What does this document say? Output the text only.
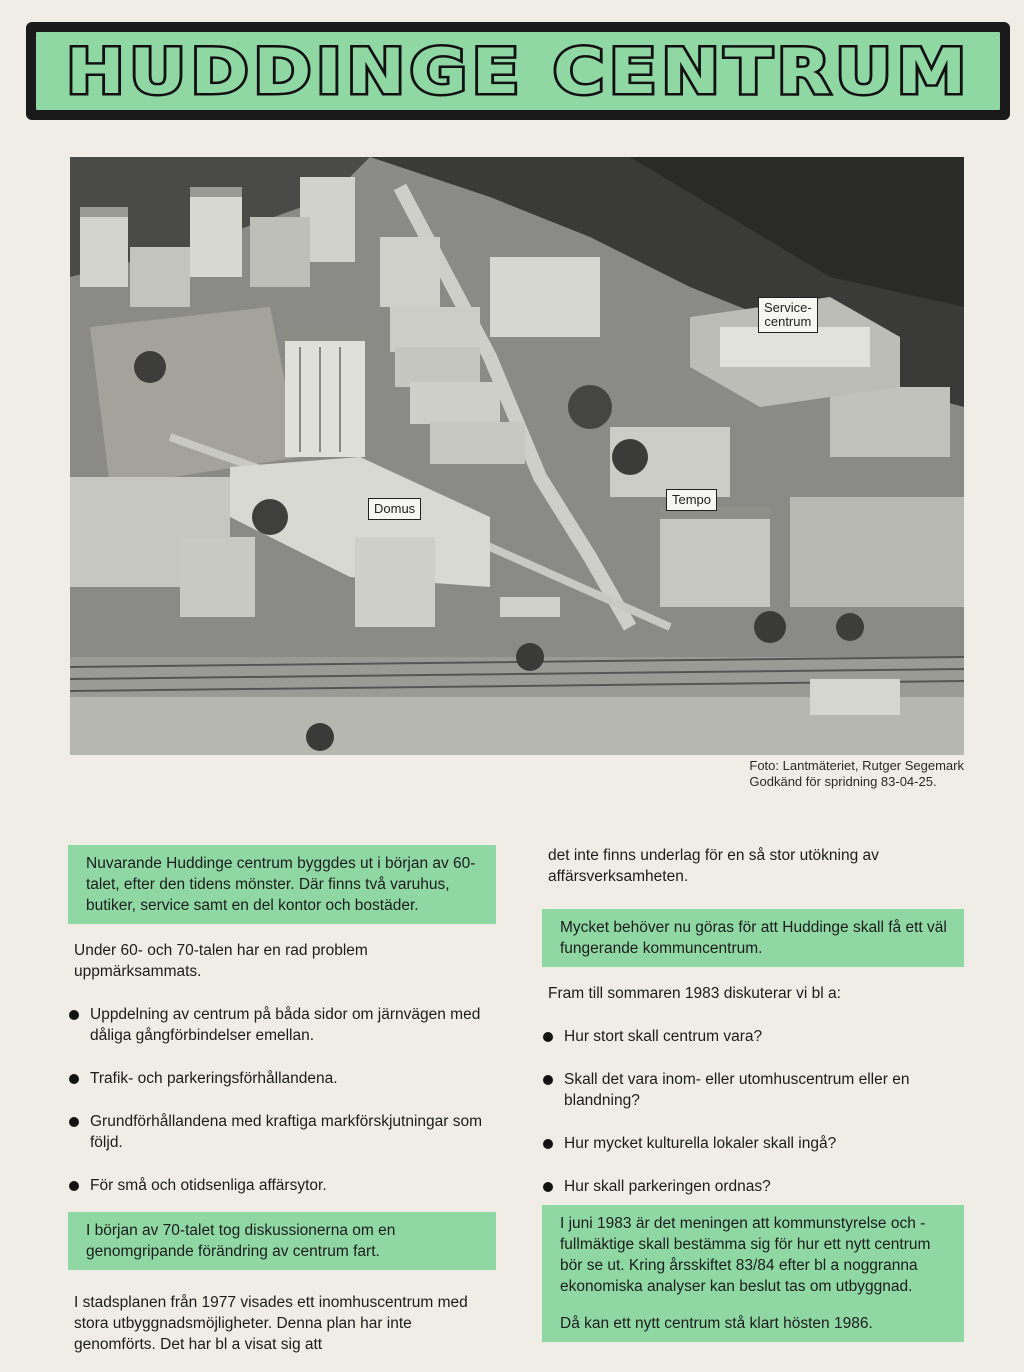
HUDDINGE CENTRUM
Service-
centrum
Domus
Tempo
Foto: Lantmäteriet, Rutger Segemark
Godkänd för spridning 83-04-25.

Nuvarande Huddinge centrum byggdes ut i början av 60-talet, efter den tidens mönster. Där finns två varuhus, butiker, service samt en del kontor och bostäder.

Under 60- och 70-talen har en rad problem uppmärksammats.

Uppdelning av centrum på båda sidor om järnvägen med dåliga gångförbindelser emellan.
Trafik- och parkeringsförhållandena.
Grundförhållandena med kraftiga markförskjutningar som följd.
För små och otidsenliga affärsytor.

I början av 70-talet tog diskussionerna om en genomgripande förändring av centrum fart.

I stadsplanen från 1977 visades ett inomhuscentrum med stora utbyggnadsmöjligheter. Denna plan har inte genomförts. Det har bl a visat sig att

det inte finns underlag för en så stor utökning av affärsverksamheten.

Mycket behöver nu göras för att Huddinge skall få ett väl fungerande kommuncentrum.

Fram till sommaren 1983 diskuterar vi bl a:

Hur stort skall centrum vara?
Skall det vara inom- eller utomhuscentrum eller en blandning?
Hur mycket kulturella lokaler skall ingå?
Hur skall parkeringen ordnas?

I juni 1983 är det meningen att kommunstyrelse och -fullmäktige skall bestämma sig för hur ett nytt centrum bör se ut. Kring årsskiftet 83/84 efter bl a noggranna ekonomiska analyser kan beslut tas om utbyggnad.

Då kan ett nytt centrum stå klart hösten 1986.
